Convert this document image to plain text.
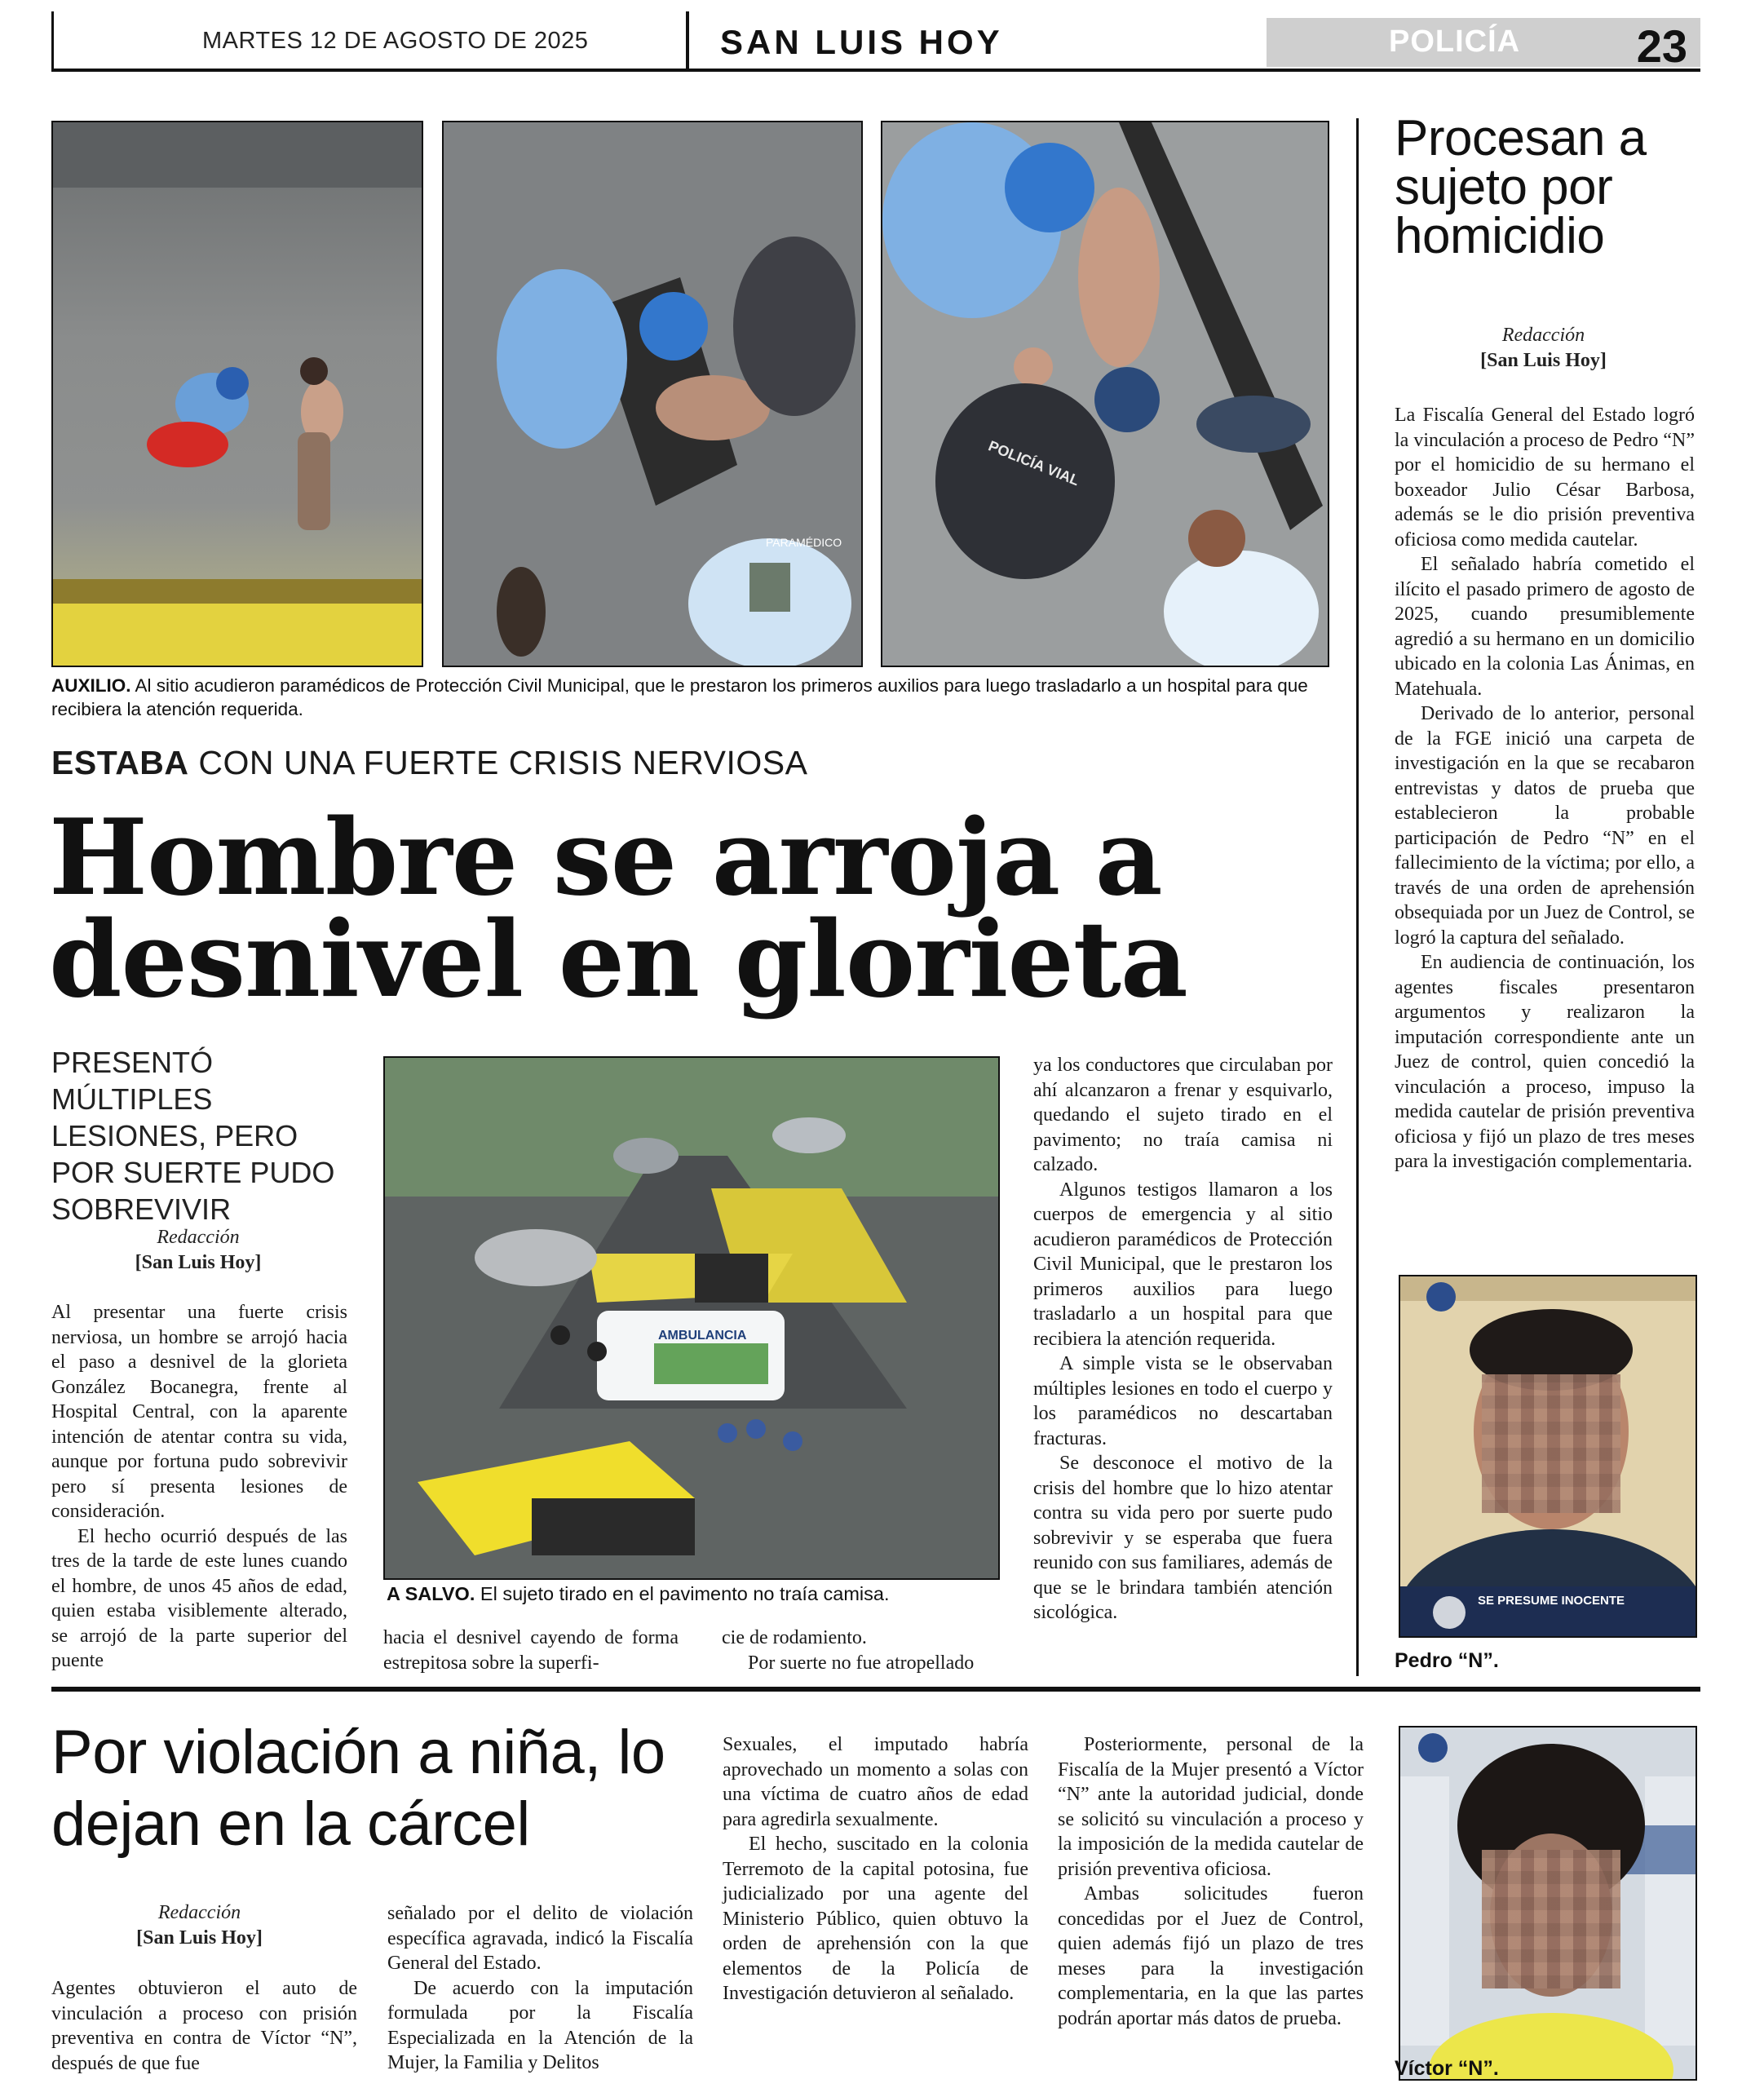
MARTES 12 DE AGOSTO DE 2025	SAN LUIS HOY	POLICÍA	23
PARAMÉDICO
POLICÍA VIAL
AUXILIO. Al sitio acudieron paramédicos de Protección Civil Municipal, que le prestaron los primeros auxilios para luego trasladarlo a un hospital para que recibiera la atención requerida.
ESTABA CON UNA FUERTE CRISIS NERVIOSA
Hombre se arroja a
desnivel en glorieta
PRESENTÓ MÚLTIPLES LESIONES, PERO POR SUERTE PUDO SOBREVIVIR
Redacción
[San Luis Hoy]

Al presentar una fuerte crisis nerviosa, un hombre se arrojó hacia el paso a desnivel de la glorieta González Bocanegra, frente al Hospital Central, con la aparente intención de atentar contra su vida, aunque por fortuna pudo sobrevivir pero sí presenta lesiones de consideración.

El hecho ocurrió después de las tres de la tarde de este lunes cuando el hombre, de unos 45 años de edad, quien estaba visiblemente alterado, se arrojó de la parte superior del puente

AMBULANCIA
A SALVO. El sujeto tirado en el pavimento no traía camisa.

hacia el desnivel cayendo de forma estrepitosa sobre la superfi-

cie de rodamiento.

Por suerte no fue atropellado

ya los conductores que circulaban por ahí alcanzaron a frenar y esquivarlo, quedando el sujeto tirado en el pavimento; no traía camisa ni calzado.

Algunos testigos llamaron a los cuerpos de emergencia y al sitio acudieron paramédicos de Protección Civil Municipal, que le prestaron los primeros auxilios para luego trasladarlo a un hospital para que recibiera la atención requerida.

A simple vista se le observaban múltiples lesiones en todo el cuerpo y los paramédicos no descartaban fracturas.

Se desconoce el motivo de la crisis del hombre que lo hizo atentar contra su vida pero por suerte pudo sobrevivir y se esperaba que fuera reunido con sus familiares, además de que se le brindara también atención sicológica.

Procesan a sujeto por homicidio
Redacción
[San Luis Hoy]

La Fiscalía General del Estado logró la vinculación a proceso de Pedro “N” por el homicidio de su hermano el boxeador Julio César Barbosa, además se le dio prisión preventiva oficiosa como medida cautelar.

El señalado habría cometido el ilícito el pasado primero de agosto de 2025, cuando presumiblemente agredió a su hermano en un domicilio ubicado en la colonia Las Ánimas, en Matehuala.

Derivado de lo anterior, personal de la FGE inició una carpeta de investigación en la que se recabaron entrevistas y datos de prueba que establecieron la probable participación de Pedro “N” en el fallecimiento de la víctima; por ello, a través de una orden de aprehensión obsequiada por un Juez de Control, se logró la captura del señalado.

En audiencia de continuación, los agentes fiscales presentaron argumentos y realizaron la imputación correspondiente ante un Juez de control, quien concedió la vinculación a proceso, impuso la medida cautelar de prisión preventiva oficiosa y fijó un plazo de tres meses para la investigación complementaria.

SE PRESUME INOCENTE
Pedro “N”.
Por violación a niña, lo dejan en la cárcel
Redacción
[San Luis Hoy]

Agentes obtuvieron el auto de vinculación a proceso con prisión preventiva en contra de Víctor “N”, después de que fue

señalado por el delito de violación específica agravada, indicó la Fiscalía General del Estado.

De acuerdo con la imputación formulada por la Fiscalía Especializada en la Atención de la Mujer, la Familia y Delitos

Sexuales, el imputado habría aprovechado un momento a solas con una víctima de cuatro años de edad para agredirla sexualmente.

El hecho, suscitado en la colonia Terremoto de la capital potosina, fue judicializado por una agente del Ministerio Público, quien obtuvo la orden de aprehensión con la que elementos de la Policía de Investigación detuvieron al señalado.

Posteriormente, personal de la Fiscalía de la Mujer presentó a Víctor “N” ante la autoridad judicial, donde se solicitó su vinculación a proceso y la imposición de la medida cautelar de prisión preventiva oficiosa.

Ambas solicitudes fueron concedidas por el Juez de Control, quien además fijó un plazo de tres meses para la investigación complementaria, en la que las partes podrán aportar más datos de prueba.

Víctor “N”.
